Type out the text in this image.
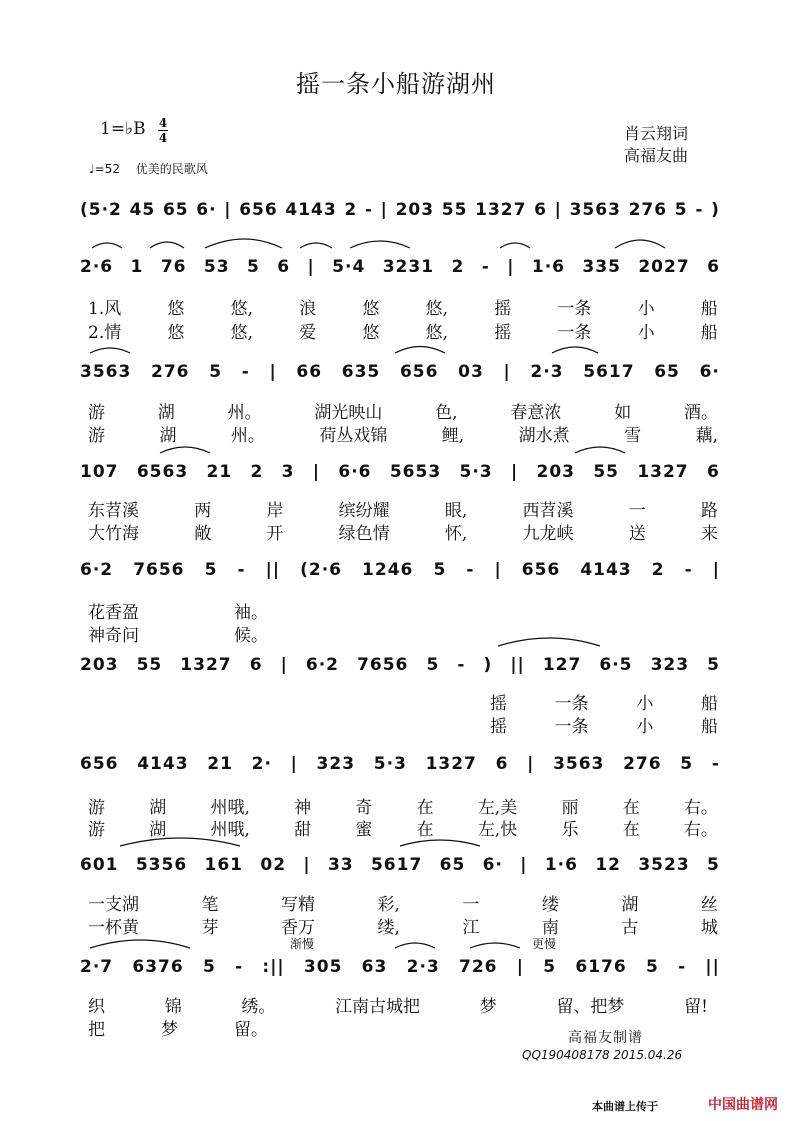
摇一条小船游湖州
1=♭B 4
4
♩=52　 优美的民歌风
肖云翔词
高福友曲
(5·2 45 65 6· | 656 4143 2 - | 203 55 1327 6 | 3563 276 5 - )
2·6 1 76 53 5 6 | 5·4 3231 2 - | 1·6 335 2027 6
3563 276 5 - | 66 635 656 03 | 2·3 5617 65 6·
107 6563 21 2 3 | 6·6 5653 5·3 | 203 55 1327 6
6·2 7656 5 - || (2·6 1246 5 - | 656 4143 2 - |
203 55 1327 6 | 6·2 7656 5 - ) || 127 6·5 323 5
656 4143 21 2· | 323 5·3 1327 6 | 3563 276 5 -
601 5356 161 02 | 33 5617 65 6· | 1·6 12 3523 5
2·7 6376 5 - :|| 305 63 2·3 726 | 5 6176 5 - ||
1.风	悠	悠,	浪	悠	悠,	摇	一条	小	船
2.情	悠	悠,	爱	悠	悠,	摇	一条	小	船
游	湖	州。	湖光映山	色,	春意浓	如	酒。
游	湖	州。	荷丛戏锦	鲤,	湖水煮	雪	藕,
东苕溪	两	岸	缤纷耀	眼,	西苕溪	一	路
大竹海	敞	开	绿色情	怀,	九龙峡	送	来
花香盈	袖。
神奇问	候。
摇	一条	小	船
摇	一条	小	船
游	湖	州哦,	神	奇	在	左,美	丽	在	右。
游	湖	州哦,	甜	蜜	在	左,快	乐	在	右。
一支湖	笔	写精	彩,	一	缕	湖	丝
一杯黄	芽	香万	缕,	江	南	古	城
织	锦	绣。	江南古城把	梦	留、把梦	留!
把	梦	留。
渐慢	更慢
高福友制谱
QQ190408178 2015.04.26
本曲谱上传于	中国曲谱网
